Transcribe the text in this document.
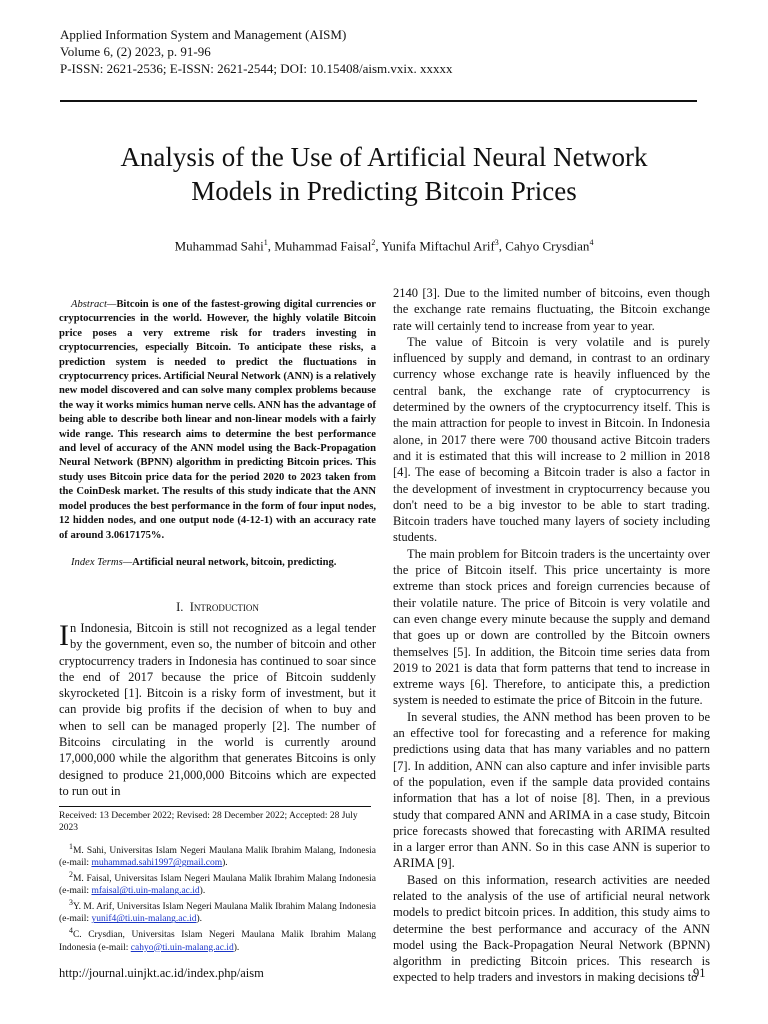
Applied Information System and Management (AISM)
Volume 6, (2) 2023, p. 91-96
P-ISSN: 2621-2536; E-ISSN: 2621-2544; DOI: 10.15408/aism.vxix. xxxxx
Analysis of the Use of Artificial Neural Network
Models in Predicting Bitcoin Prices
Muhammad Sahi$^1$, Muhammad Faisal$^2$, Yunifa Miftachul Arif$^3$, Cahyo Crysdian$^4$
Abstract—Bitcoin is one of the fastest-growing digital currencies or cryptocurrencies in the world. However, the highly volatile Bitcoin price poses a very extreme risk for traders investing in cryptocurrencies, especially Bitcoin. To anticipate these risks, a prediction system is needed to predict the fluctuations in cryptocurrency prices. Artificial Neural Network (ANN) is a relatively new model discovered and can solve many complex problems because the way it works mimics human nerve cells. ANN has the advantage of being able to describe both linear and non-linear models with a fairly wide range. This research aims to determine the best performance and level of accuracy of the ANN model using the Back-Propagation Neural Network (BPNN) algorithm in predicting Bitcoin prices. This study uses Bitcoin price data for the period 2020 to 2023 taken from the CoinDesk market. The results of this study indicate that the ANN model produces the best performance in the form of four input nodes, 12 hidden nodes, and one output node (4-12-1) with an accuracy rate of around 3.0617175%.
Index Terms—Artificial neural network, bitcoin, predicting.
I. Introduction
In Indonesia, Bitcoin is still not recognized as a legal tender by the government, even so, the number of bitcoin and other cryptocurrency traders in Indonesia has continued to soar since the end of 2017 because the price of Bitcoin suddenly skyrocketed [1]. Bitcoin is a risky form of investment, but it can provide big profits if the decision of when to buy and when to sell can be managed properly [2]. The number of Bitcoins circulating in the world is currently around 17,000,000 while the algorithm that generates Bitcoins is only designed to produce 21,000,000 Bitcoins which are expected to run out in
Received: 13 December 2022; Revised: 28 December 2022; Accepted: 28 July 2023

$^1$M. Sahi, Universitas Islam Negeri Maulana Malik Ibrahim Malang, Indonesia (e-mail: muhammad.sahi1997@gmail.com).

$^2$M. Faisal, Universitas Islam Negeri Maulana Malik Ibrahim Malang Indonesia (e-mail: mfaisal@ti.uin-malang.ac.id).

$^3$Y. M. Arif, Universitas Islam Negeri Maulana Malik Ibrahim Malang Indonesia (e-mail: yunif4@ti.uin-malang.ac.id).

$^4$C. Crysdian, Universitas Islam Negeri Maulana Malik Ibrahim Malang Indonesia (e-mail: cahyo@ti.uin-malang.ac.id).

2140 [3]. Due to the limited number of bitcoins, even though the exchange rate remains fluctuating, the Bitcoin exchange rate will certainly tend to increase from year to year.

The value of Bitcoin is very volatile and is purely influenced by supply and demand, in contrast to an ordinary currency whose exchange rate is heavily influenced by the central bank, the exchange rate of cryptocurrency is determined by the owners of the cryptocurrency itself. This is the main attraction for people to invest in Bitcoin. In Indonesia alone, in 2017 there were 700 thousand active Bitcoin traders and it is estimated that this will increase to 2 million in 2018 [4]. The ease of becoming a Bitcoin trader is also a factor in the development of investment in cryptocurrency because you don't need to be a big investor to be able to start trading. Bitcoin traders have touched many layers of society including students.

The main problem for Bitcoin traders is the uncertainty over the price of Bitcoin itself. This price uncertainty is more extreme than stock prices and foreign currencies because of their volatile nature. The price of Bitcoin is very volatile and can even change every minute because the supply and demand that goes up or down are controlled by the Bitcoin owners themselves [5]. In addition, the Bitcoin time series data from 2019 to 2021 is data that form patterns that tend to increase in extreme ways [6]. Therefore, to anticipate this, a prediction system is needed to estimate the price of Bitcoin in the future.

In several studies, the ANN method has been proven to be an effective tool for forecasting and a reference for making predictions using data that has many variables and no pattern [7]. In addition, ANN can also capture and infer invisible parts of the population, even if the sample data provided contains information that has a lot of noise [8]. Then, in a previous study that compared ANN and ARIMA in a case study, Bitcoin price forecasts showed that forecasting with ARIMA resulted in a larger error than ANN. So in this case ANN is superior to ARIMA [9].

Based on this information, research activities are needed related to the analysis of the use of artificial neural network models to predict bitcoin prices. In addition, this study aims to determine the best performance and accuracy of the ANN model using the Back-Propagation Neural Network (BPNN) algorithm in predicting Bitcoin prices. This research is expected to help traders and investors in making decisions to

http://journal.uinjkt.ac.id/index.php/aism	91
